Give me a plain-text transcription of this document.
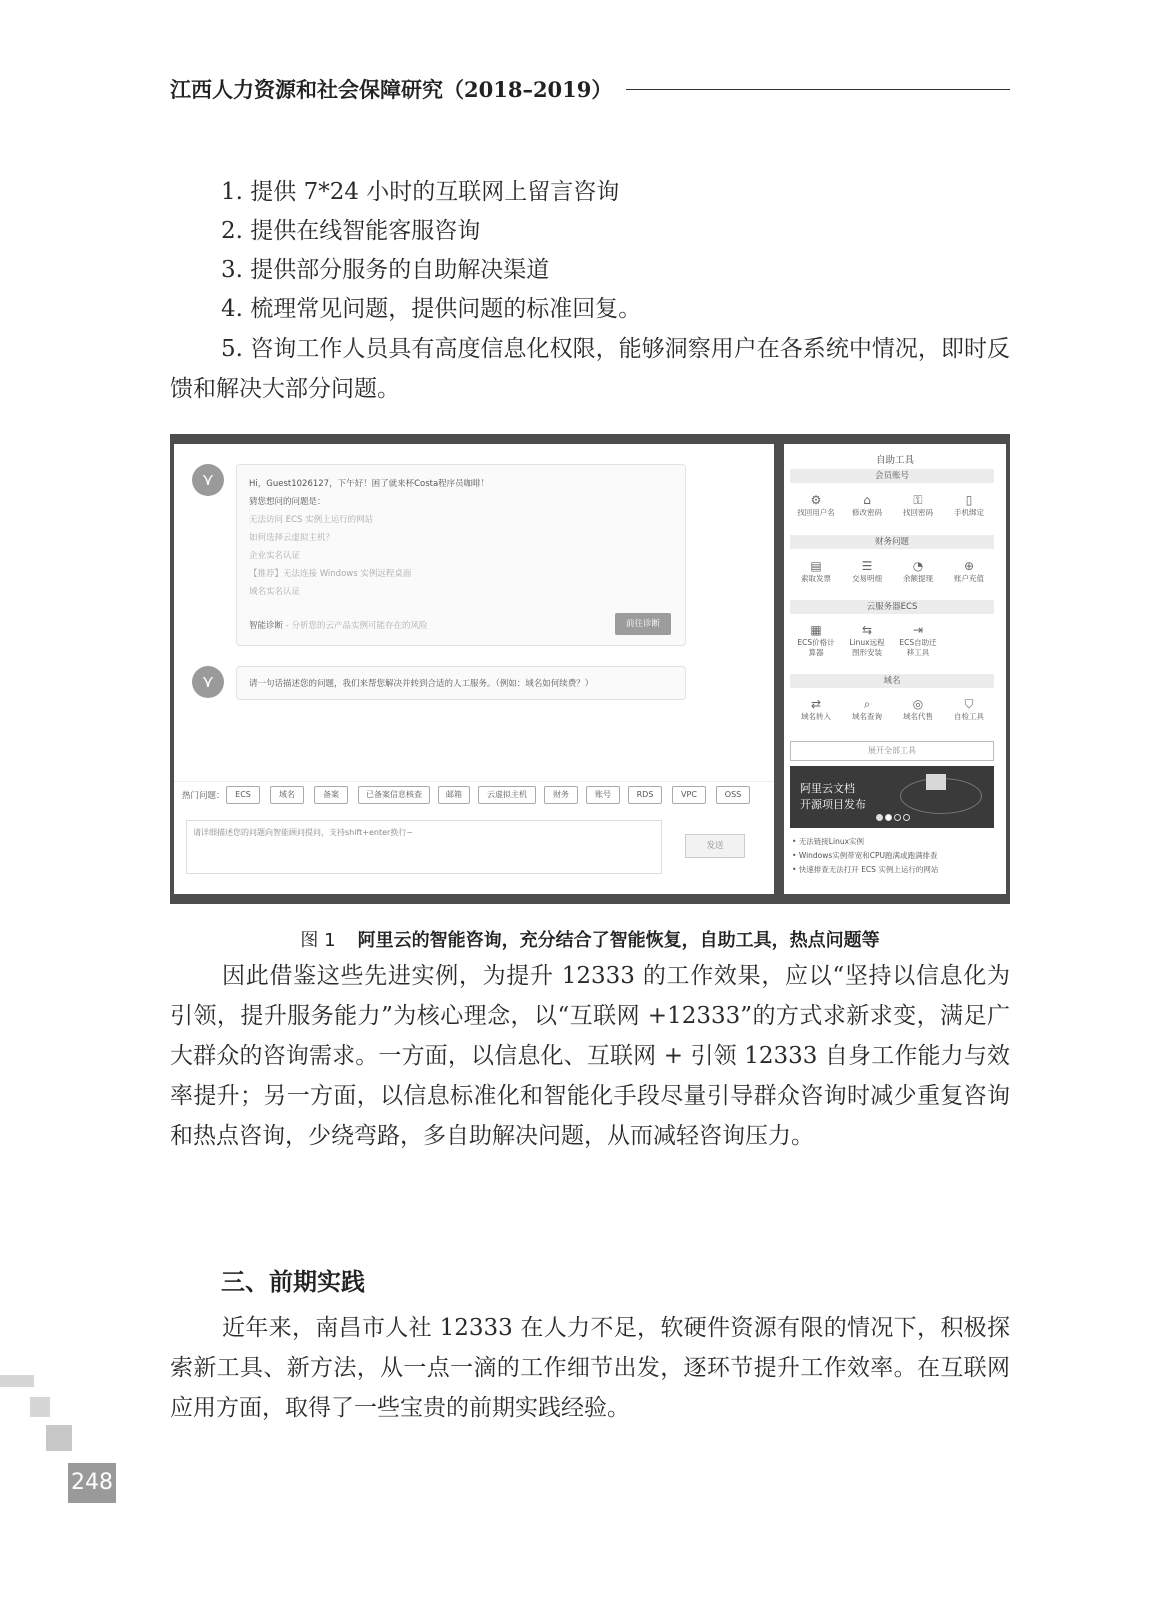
江西人力资源和社会保障研究（2018–2019）
1. 提供 7*24 小时的互联网上留言咨询
2. 提供在线智能客服咨询
3. 提供部分服务的自助解决渠道
4. 梳理常见问题，提供问题的标准回复。
5. 咨询工作人员具有高度信息化权限，能够洞察用户在各系统中情况，即时反馈和解决大部分问题。
⋎	Hi，Guest1026127，下午好！困了就来杯Costa程序员咖啡！
猜您想问的问题是：
无法访问 ECS 实例上运行的网站
如何选择云虚拟主机？
企业实名认证
【推荐】无法连接 Windows 实例远程桌面
域名实名认证
智能诊断 - 分析您的云产品实例可能存在的风险	前往诊断
⋎	请一句话描述您的问题，我们来帮您解决并转到合适的人工服务。（例如：域名如何续费？）
热门问题：	ECS	域名	备案	已备案信息核查	邮箱	云虚拟主机	财务	账号	RDS	VPC	OSS
请详细描述您的问题向智能顾问提问，支持shift+enter换行~
发送
自助工具
会员账号
⚙
找回用户名
⌂
修改密码
⚿
找回密码
▯
手机绑定
财务问题
▤
索取发票
☰
交易明细
◔
余额提现
⊕
账户充值
云服务器ECS
▦
ECS价格计算器
⇆
Linux远程图形安装
⇥
ECS自助迁移工具
域名
⇄
域名转入
⌕
域名查询
◎
域名代售
⛉
自检工具
展开全部工具
阿里云文档
开源项目发布
• 无法链接Linux实例
• Windows实例带宽和CPU跑满或跑满排查
• 快速排查无法打开 ECS 实例上运行的网站
图 1 阿里云的智能咨询，充分结合了智能恢复，自助工具，热点问题等
因此借鉴这些先进实例，为提升 12333 的工作效果，应以“坚持以信息化为引领，提升服务能力”为核心理念，以“互联网 +12333”的方式求新求变，满足广大群众的咨询需求。一方面，以信息化、互联网 + 引领 12333 自身工作能力与效率提升；另一方面，以信息标准化和智能化手段尽量引导群众咨询时减少重复咨询和热点咨询，少绕弯路，多自助解决问题，从而减轻咨询压力。
三、前期实践
近年来，南昌市人社 12333 在人力不足，软硬件资源有限的情况下，积极探索新工具、新方法，从一点一滴的工作细节出发，逐环节提升工作效率。在互联网应用方面，取得了一些宝贵的前期实践经验。
248
